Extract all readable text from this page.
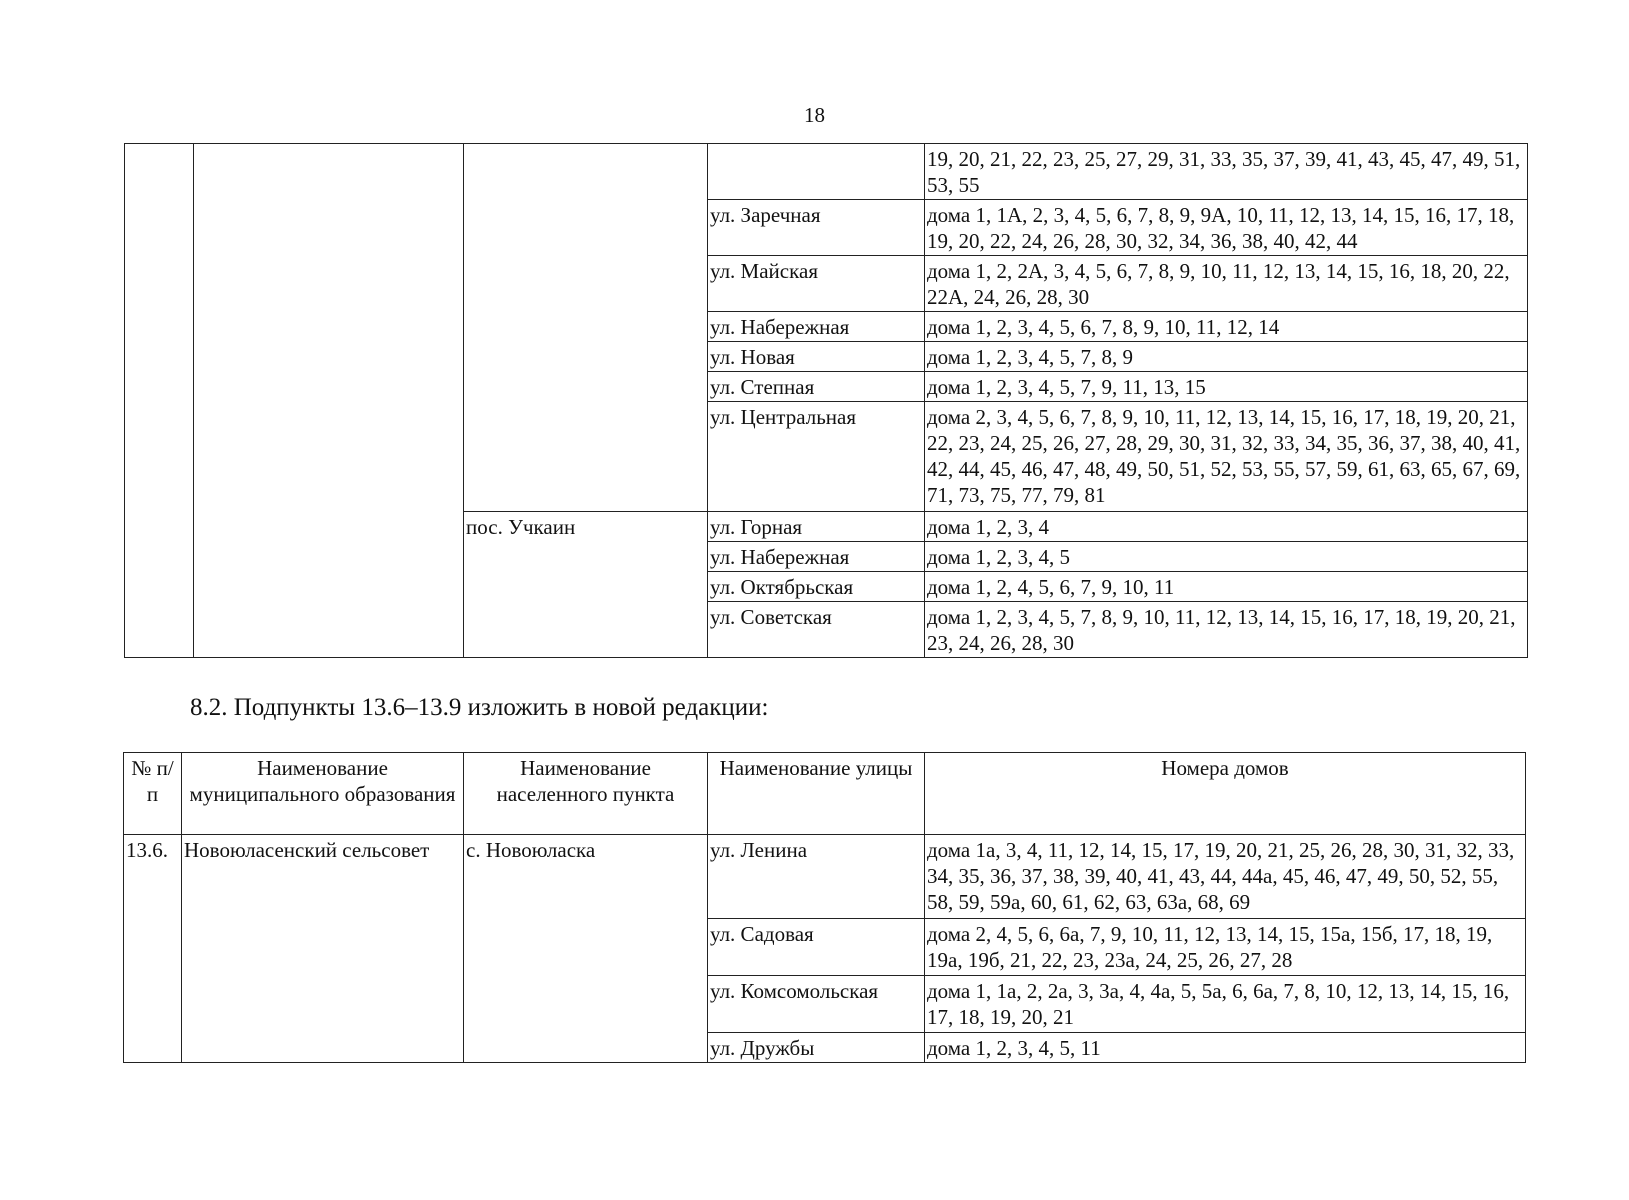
18
				19, 20, 21, 22, 23, 25, 27, 29, 31, 33, 35, 37, 39, 41, 43, 45, 47, 49, 51, 53, 55
			ул. Заречная	дома 1, 1А, 2, 3, 4, 5, 6, 7, 8, 9, 9А, 10, 11, 12, 13, 14, 15, 16, 17, 18, 19, 20, 22, 24, 26, 28, 30, 32, 34, 36, 38, 40, 42, 44
			ул. Майская	дома 1, 2, 2А, 3, 4, 5, 6, 7, 8, 9, 10, 11, 12, 13, 14, 15, 16, 18, 20, 22, 22А, 24, 26, 28, 30
			ул. Набережная	дома 1, 2, 3, 4, 5, 6, 7, 8, 9, 10, 11, 12, 14
			ул. Новая	дома 1, 2, 3, 4, 5, 7, 8, 9
			ул. Степная	дома 1, 2, 3, 4, 5, 7, 9, 11, 13, 15
			ул. Центральная	дома 2, 3, 4, 5, 6, 7, 8, 9, 10, 11, 12, 13, 14, 15, 16, 17, 18, 19, 20, 21, 22, 23, 24, 25, 26, 27, 28, 29, 30, 31, 32, 33, 34, 35, 36, 37, 38, 40, 41, 42, 44, 45, 46, 47, 48, 49, 50, 51, 52, 53, 55, 57, 59, 61, 63, 65, 67, 69, 71, 73, 75, 77, 79, 81
		пос. Учкаин	ул. Горная	дома 1, 2, 3, 4
			ул. Набережная	дома 1, 2, 3, 4, 5
			ул. Октябрьская	дома 1, 2, 4, 5, 6, 7, 9, 10, 11
			ул. Советская	дома 1, 2, 3, 4, 5, 7, 8, 9, 10, 11, 12, 13, 14, 15, 16, 17, 18, 19, 20, 21, 23, 24, 26, 28, 30
8.2. Подпункты 13.6–13.9 изложить в новой редакции:
№ п/п	Наименование муниципального образования	Наименование населенного пункта	Наименование улицы	Номера домов
13.6.	Новоюласенский сельсовет	с. Новоюласка	ул. Ленина	дома 1а, 3, 4, 11, 12, 14, 15, 17, 19, 20, 21, 25, 26, 28, 30, 31, 32, 33, 34, 35, 36, 37, 38, 39, 40, 41, 43, 44, 44а, 45, 46, 47, 49, 50, 52, 55, 58, 59, 59а, 60, 61, 62, 63, 63а, 68, 69
			ул. Садовая	дома 2, 4, 5, 6, 6а, 7, 9, 10, 11, 12, 13, 14, 15, 15а, 15б, 17, 18, 19, 19а, 19б, 21, 22, 23, 23а, 24, 25, 26, 27, 28
			ул. Комсомольская	дома 1, 1а, 2, 2а, 3, 3а, 4, 4а, 5, 5а, 6, 6а, 7, 8, 10, 12, 13, 14, 15, 16, 17, 18, 19, 20, 21
			ул. Дружбы	дома 1, 2, 3, 4, 5, 11
